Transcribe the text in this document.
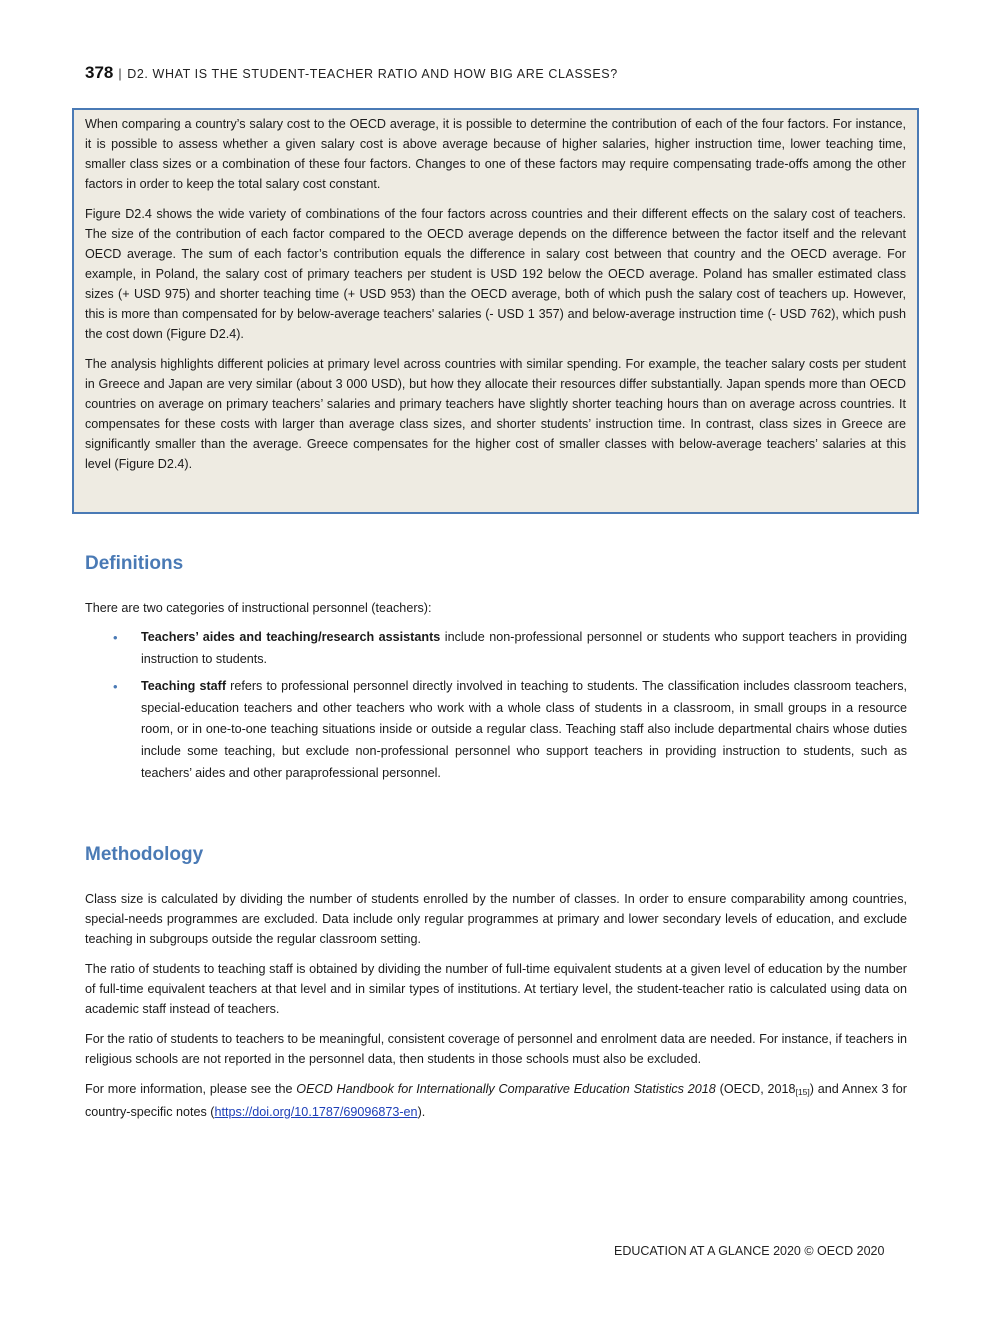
378 | D2. WHAT IS THE STUDENT-TEACHER RATIO AND HOW BIG ARE CLASSES?

When comparing a country’s salary cost to the OECD average, it is possible to determine the contribution of each of the four factors. For instance, it is possible to assess whether a given salary cost is above average because of higher salaries, higher instruction time, lower teaching time, smaller class sizes or a combination of these four factors. Changes to one of these factors may require compensating trade-offs among the other factors in order to keep the total salary cost constant.

Figure D2.4 shows the wide variety of combinations of the four factors across countries and their different effects on the salary cost of teachers. The size of the contribution of each factor compared to the OECD average depends on the difference between the factor itself and the relevant OECD average. The sum of each factor’s contribution equals the difference in salary cost between that country and the OECD average. For example, in Poland, the salary cost of primary teachers per student is USD 192 below the OECD average. Poland has smaller estimated class sizes (+ USD 975) and shorter teaching time (+ USD 953) than the OECD average, both of which push the salary cost of teachers up. However, this is more than compensated for by below-average teachers' salaries (- USD 1 357) and below-average instruction time (- USD 762), which push the cost down (Figure D2.4).

The analysis highlights different policies at primary level across countries with similar spending. For example, the teacher salary costs per student in Greece and Japan are very similar (about 3 000 USD), but how they allocate their resources differ substantially. Japan spends more than OECD countries on average on primary teachers’ salaries and primary teachers have slightly shorter teaching hours than on average across countries. It compensates for these costs with larger than average class sizes, and shorter students’ instruction time. In contrast, class sizes in Greece are significantly smaller than the average. Greece compensates for the higher cost of smaller classes with below-average teachers’ salaries at this level (Figure D2.4).

Definitions

There are two categories of instructional personnel (teachers):

• Teachers’ aides and teaching/research assistants include non-professional personnel or students who support teachers in providing instruction to students.
• Teaching staff refers to professional personnel directly involved in teaching to students. The classification includes classroom teachers, special-education teachers and other teachers who work with a whole class of students in a classroom, in small groups in a resource room, or in one-to-one teaching situations inside or outside a regular class. Teaching staff also include departmental chairs whose duties include some teaching, but exclude non-professional personnel who support teachers in providing instruction to students, such as teachers’ aides and other paraprofessional personnel.
Methodology

Class size is calculated by dividing the number of students enrolled by the number of classes. In order to ensure comparability among countries, special-needs programmes are excluded. Data include only regular programmes at primary and lower secondary levels of education, and exclude teaching in subgroups outside the regular classroom setting.

The ratio of students to teaching staff is obtained by dividing the number of full-time equivalent students at a given level of education by the number of full-time equivalent teachers at that level and in similar types of institutions. At tertiary level, the student-teacher ratio is calculated using data on academic staff instead of teachers.

For the ratio of students to teachers to be meaningful, consistent coverage of personnel and enrolment data are needed. For instance, if teachers in religious schools are not reported in the personnel data, then students in those schools must also be excluded.

For more information, please see the OECD Handbook for Internationally Comparative Education Statistics 2018 (OECD, $2018_{[15]}$) and Annex 3 for country-specific notes (https://doi.org/10.1787/69096873-en).

EDUCATION AT A GLANCE 2020 © OECD 2020
